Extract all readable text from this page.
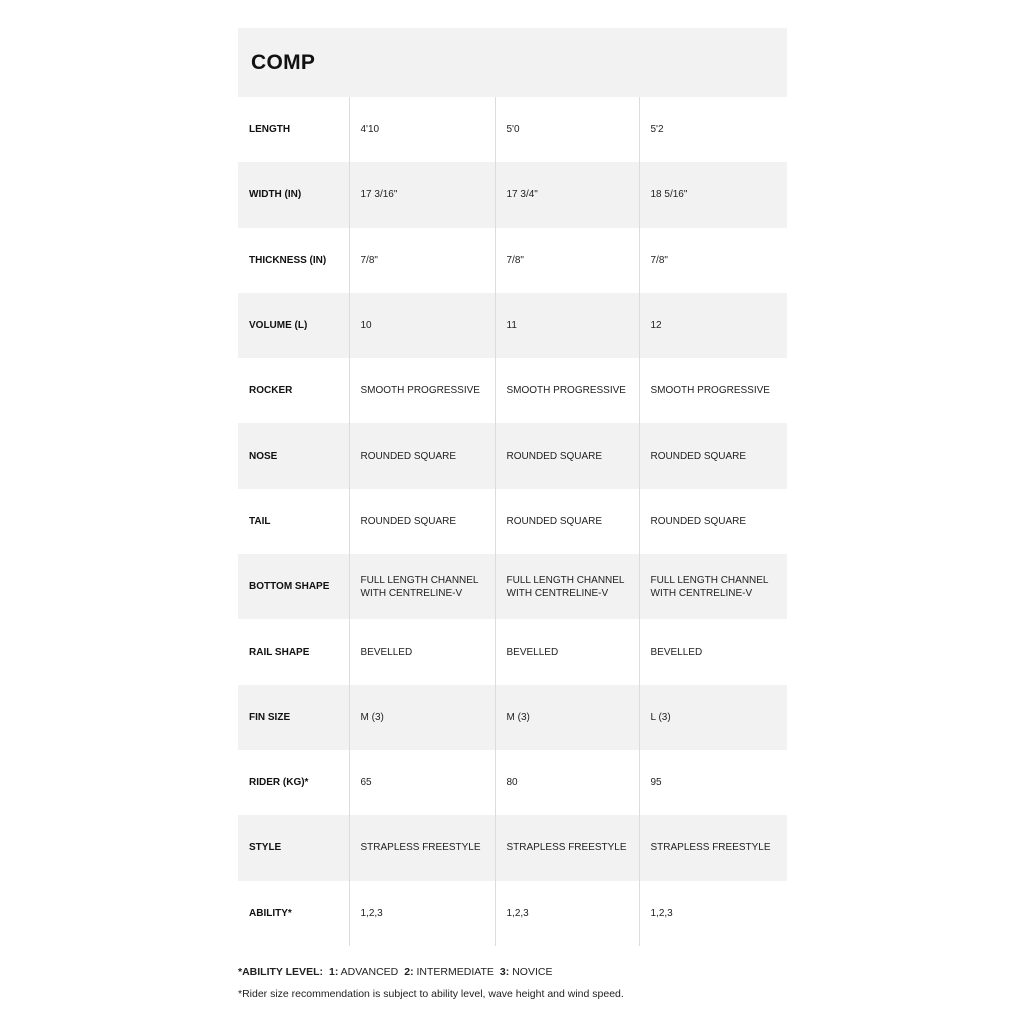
COMP
LENGTH	4'10	5'0	5'2
WIDTH (IN)	17 3/16"	17 3/4"	18 5/16"
THICKNESS (IN)	7/8"	7/8"	7/8"
VOLUME (L)	10	11	12
ROCKER	SMOOTH PROGRESSIVE	SMOOTH PROGRESSIVE	SMOOTH PROGRESSIVE
NOSE	ROUNDED SQUARE	ROUNDED SQUARE	ROUNDED SQUARE
TAIL	ROUNDED SQUARE	ROUNDED SQUARE	ROUNDED SQUARE
BOTTOM SHAPE	FULL LENGTH CHANNEL WITH CENTRELINE-V	FULL LENGTH CHANNEL WITH CENTRELINE-V	FULL LENGTH CHANNEL WITH CENTRELINE-V
RAIL SHAPE	BEVELLED	BEVELLED	BEVELLED
FIN SIZE	M (3)	M (3)	L (3)
RIDER (KG)*	65	80	95
STYLE	STRAPLESS FREESTYLE	STRAPLESS FREESTYLE	STRAPLESS FREESTYLE
ABILITY*	1,2,3	1,2,3	1,2,3
*ABILITY LEVEL: 1: ADVANCED 2: INTERMEDIATE 3: NOVICE
*Rider size recommendation is subject to ability level, wave height and wind speed.
